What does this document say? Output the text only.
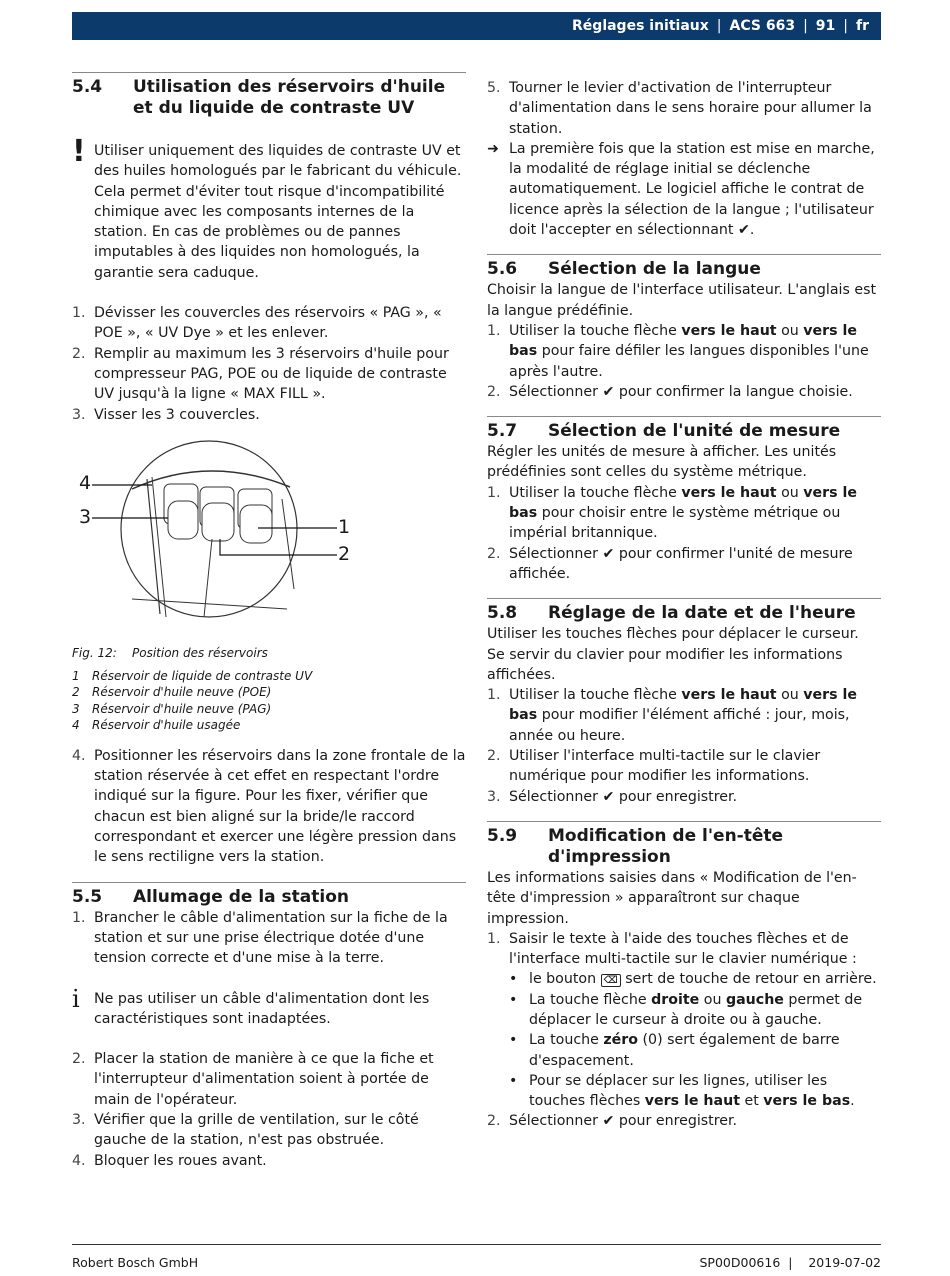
Réglages initiaux | ACS 663 | 91 | fr
5.4	Utilisation des réservoirs d'huile et du liquide de contraste UV
! Utiliser uniquement des liquides de contraste UV et des huiles homologués par le fabricant du véhicule. Cela permet d'éviter tout risque d'incompatibilité chimique avec les composants internes de la station. En cas de problèmes ou de pannes imputables à des liquides non homologués, la garantie sera caduque.

1. Dévisser les couvercles des réservoirs « PAG », « POE », « UV Dye » et les enlever.
2. Remplir au maximum les 3 réservoirs d'huile pour compresseur PAG, POE ou de liquide de contraste UV jusqu'à la ligne « MAX FILL ».
3. Visser les 3 couvercles.
4
3	1
2
Fig. 12: Position des réservoirs
1	Réservoir de liquide de contraste UV
2	Réservoir d'huile neuve (POE)
3	Réservoir d'huile neuve (PAG)
4	Réservoir d'huile usagée
4. Positionner les réservoirs dans la zone frontale de la station réservée à cet effet en respectant l'ordre indiqué sur la figure. Pour les fixer, vérifier que chacun est bien aligné sur la bride/le raccord correspondant et exercer une légère pression dans le sens rectiligne vers la station.
5.5	Allumage de la station
1. Brancher le câble d'alimentation sur la fiche de la station et sur une prise électrique dotée d'une tension correcte et d'une mise à la terre.
i	Ne pas utiliser un câble d'alimentation dont les caractéristiques sont inadaptées.

2. Placer la station de manière à ce que la fiche et l'interrupteur d'alimentation soient à portée de main de l'opérateur.
3. Vérifier que la grille de ventilation, sur le côté gauche de la station, n'est pas obstruée.
4. Bloquer les roues avant.
5. Tourner le levier d'activation de l'interrupteur d'alimentation dans le sens horaire pour allumer la station.
➜ La première fois que la station est mise en marche, la modalité de réglage initial se déclenche automatiquement. Le logiciel affiche le contrat de licence après la sélection de la langue ; l'utilisateur doit l'accepter en sélectionnant ✔.

5.6	Sélection de la langue

Choisir la langue de l'interface utilisateur. L'anglais est la langue prédéfinie.

1. Utiliser la touche flèche vers le haut ou vers le bas pour faire défiler les langues disponibles l'une après l'autre.
2. Sélectionner ✔ pour confirmer la langue choisie.
5.7	Sélection de l'unité de mesure

Régler les unités de mesure à afficher. Les unités prédéfinies sont celles du système métrique.

1. Utiliser la touche flèche vers le haut ou vers le bas pour choisir entre le système métrique ou impérial britannique.
2. Sélectionner ✔ pour confirmer l'unité de mesure affichée.
5.8	Réglage de la date et de l'heure

Utiliser les touches flèches pour déplacer le curseur. Se servir du clavier pour modifier les informations affichées.

1. Utiliser la touche flèche vers le haut ou vers le bas pour modifier l'élément affiché : jour, mois, année ou heure.
2. Utiliser l'interface multi-tactile sur le clavier numérique pour modifier les informations.
3. Sélectionner ✔ pour enregistrer.
5.9	Modification de l'en-tête d'impression

Les informations saisies dans « Modification de l'en-tête d'impression » apparaîtront sur chaque impression.

1. Saisir le texte à l'aide des touches flèches et de l'interface multi-tactile sur le clavier numérique :
• le bouton ⌫ sert de touche de retour en arrière.
• La touche flèche droite ou gauche permet de déplacer le curseur à droite ou à gauche.
• La touche zéro (0) sert également de barre d'espacement.
• Pour se déplacer sur les lignes, utiliser les touches flèches vers le haut et vers le bas.
2. Sélectionner ✔ pour enregistrer.
Robert Bosch GmbH	SP00D00616  |    2019-07-02
